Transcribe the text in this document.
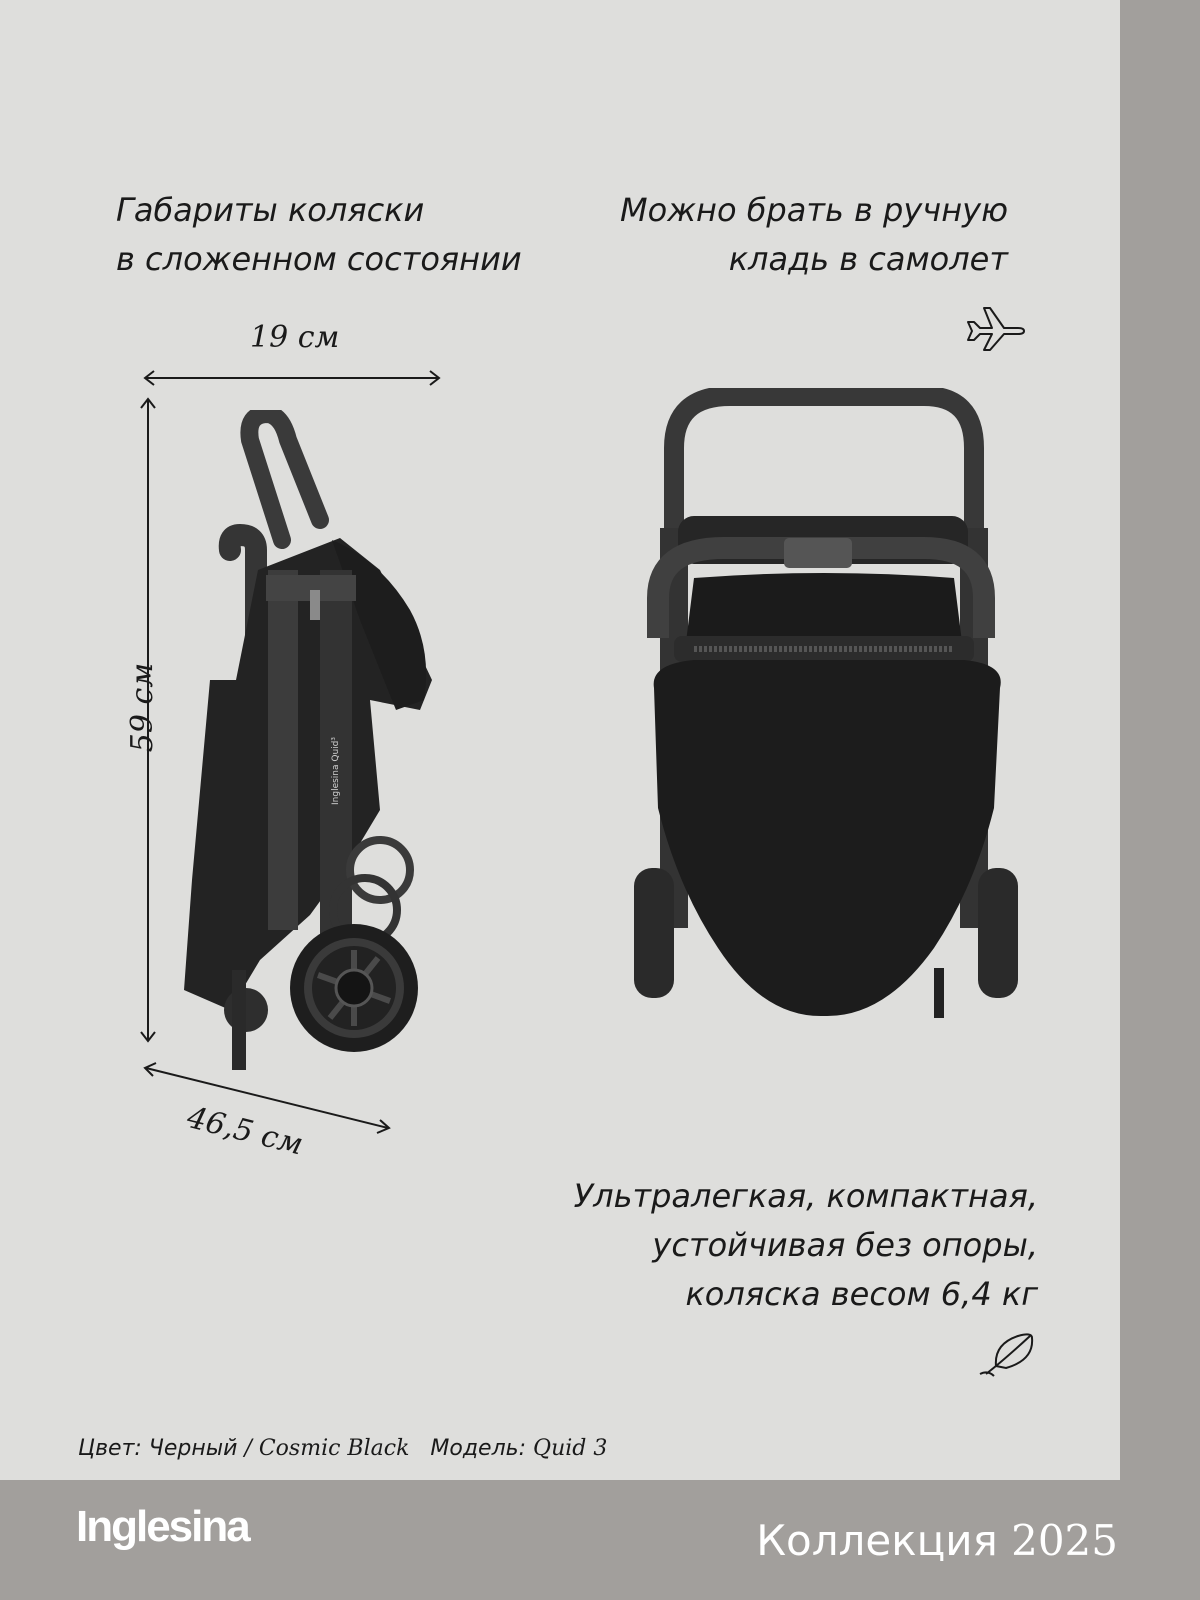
Габариты коляски
в сложенном состоянии
Можно брать в ручную
кладь в самолет
19 см
59 см
46,5 см
Inglesina Quid³
Ультралегкая, компактная,
устойчивая без опоры,
коляска весом 6,4 кг
Цвет: Черный / Cosmic Black Модель: Quid 3
Inglesina	Коллекция 2025
